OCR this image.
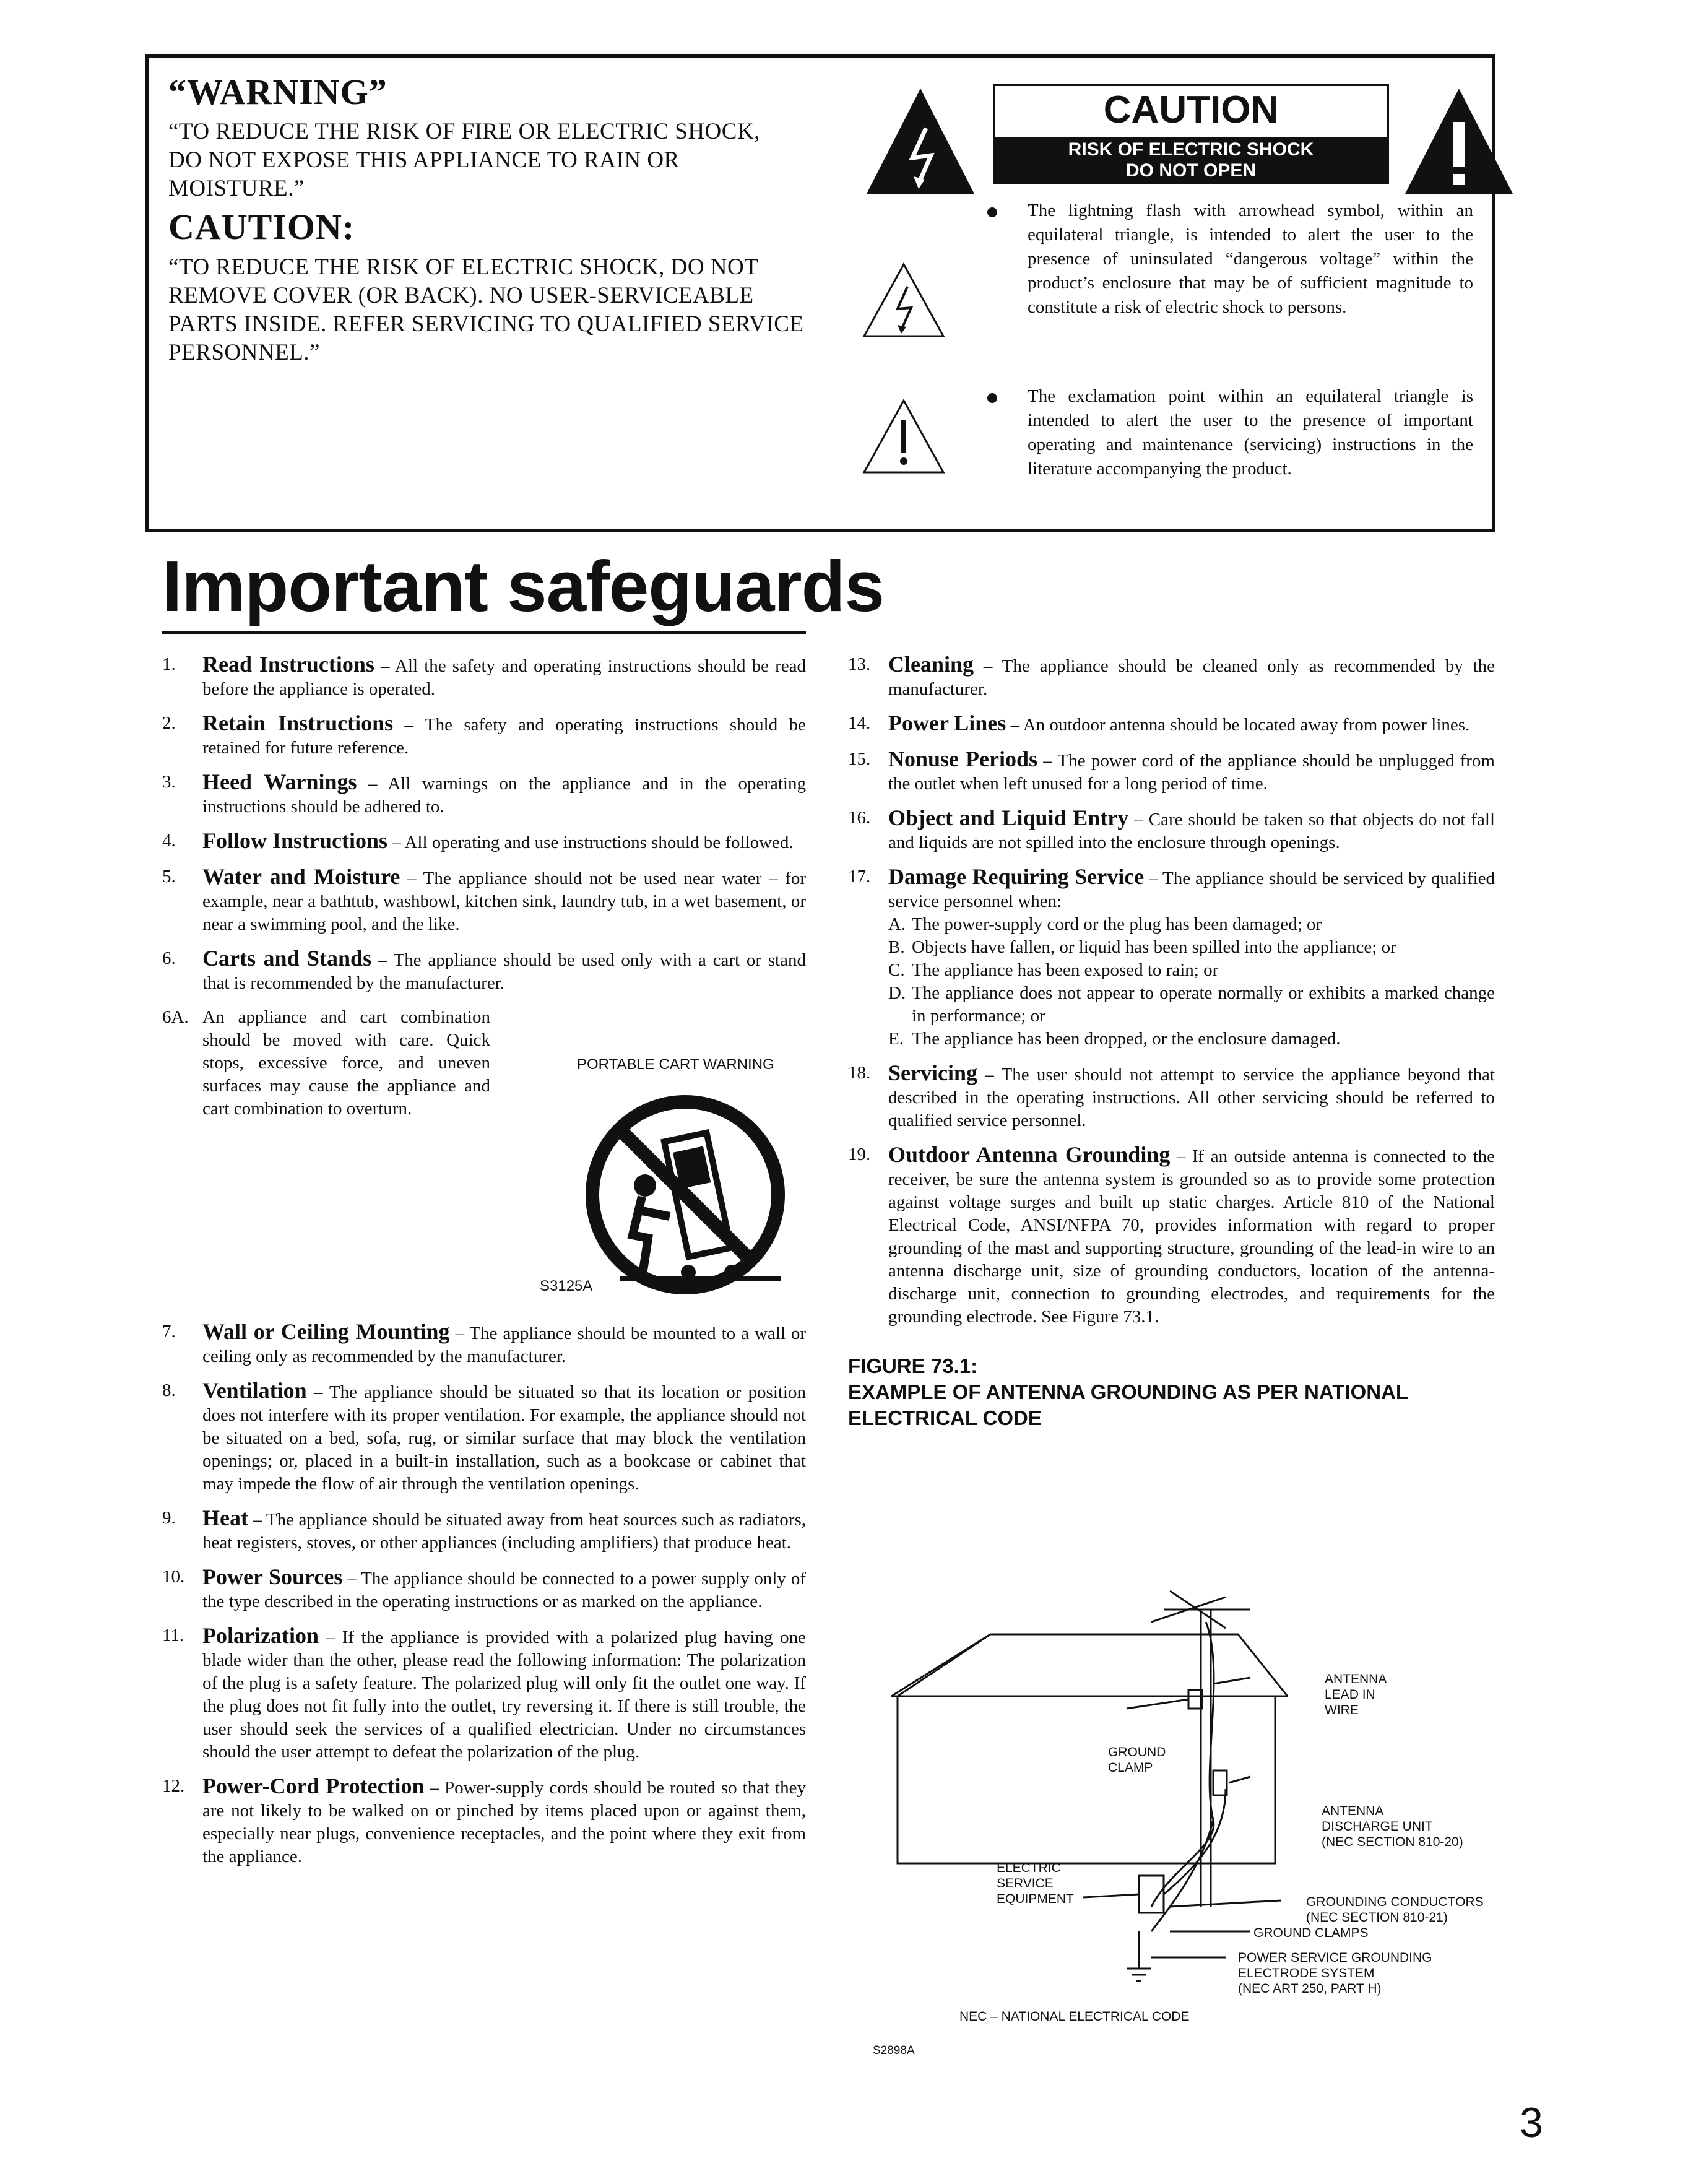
“WARNING”
“TO REDUCE THE RISK OF FIRE OR ELECTRIC SHOCK, DO NOT EXPOSE THIS APPLIANCE TO RAIN OR MOISTURE.”
CAUTION:
“TO REDUCE THE RISK OF ELECTRIC SHOCK, DO NOT REMOVE COVER (OR BACK). NO USER-SERVICEABLE PARTS INSIDE. REFER SERVICING TO QUALIFIED SERVICE PERSONNEL.”
CAUTION
RISK OF ELECTRIC SHOCK
DO NOT OPEN
The lightning flash with arrowhead symbol, within an equilateral triangle, is intended to alert the user to the presence of uninsulated “dangerous voltage” within the product’s enclosure that may be of sufficient magnitude to constitute a risk of electric shock to persons.
The exclamation point within an equilateral triangle is intended to alert the user to the presence of important operating and maintenance (servicing) instructions in the literature accompanying the product.
Important safeguards
1. Read Instructions – All the safety and operating instructions should be read before the appliance is operated.
2. Retain Instructions – The safety and operating instructions should be retained for future reference.
3. Heed Warnings – All warnings on the appliance and in the operating instructions should be adhered to.
4. Follow Instructions – All operating and use instructions should be followed.
5. Water and Moisture – The appliance should not be used near water – for example, near a bathtub, washbowl, kitchen sink, laundry tub, in a wet basement, or near a swimming pool, and the like.
6. Carts and Stands – The appliance should be used only with a cart or stand that is recommended by the manufacturer.
6A. An appliance and cart combination should be moved with care. Quick stops, excessive force, and uneven surfaces may cause the appliance and cart combination to overturn.
PORTABLE CART WARNING
S3125A
7. Wall or Ceiling Mounting – The appliance should be mounted to a wall or ceiling only as recommended by the manufacturer.
8. Ventilation – The appliance should be situated so that its location or position does not interfere with its proper ventilation. For example, the appliance should not be situated on a bed, sofa, rug, or similar surface that may block the ventilation openings; or, placed in a built-in installation, such as a bookcase or cabinet that may impede the flow of air through the ventilation openings.
9. Heat – The appliance should be situated away from heat sources such as radiators, heat registers, stoves, or other appliances (including amplifiers) that produce heat.
10. Power Sources – The appliance should be connected to a power supply only of the type described in the operating instructions or as marked on the appliance.
11. Polarization – If the appliance is provided with a polarized plug having one blade wider than the other, please read the following information: The polarization of the plug is a safety feature. The polarized plug will only fit the outlet one way. If the plug does not fit fully into the outlet, try reversing it. If there is still trouble, the user should seek the services of a qualified electrician. Under no circumstances should the user attempt to defeat the polarization of the plug.
12. Power-Cord Protection – Power-supply cords should be routed so that they are not likely to be walked on or pinched by items placed upon or against them, especially near plugs, convenience receptacles, and the point where they exit from the appliance.
13. Cleaning – The appliance should be cleaned only as recommended by the manufacturer.
14. Power Lines – An outdoor antenna should be located away from power lines.
15. Nonuse Periods – The power cord of the appliance should be unplugged from the outlet when left unused for a long period of time.
16. Object and Liquid Entry – Care should be taken so that objects do not fall and liquids are not spilled into the enclosure through openings.
17. Damage Requiring Service – The appliance should be serviced by qualified service personnel when:
A. The power-supply cord or the plug has been damaged; or
B. Objects have fallen, or liquid has been spilled into the appliance; or
C. The appliance has been exposed to rain; or
D. The appliance does not appear to operate normally or exhibits a marked change in performance; or
E. The appliance has been dropped, or the enclosure damaged.
18. Servicing – The user should not attempt to service the appliance beyond that described in the operating instructions. All other servicing should be referred to qualified service personnel.
19. Outdoor Antenna Grounding – If an outside antenna is connected to the receiver, be sure the antenna system is grounded so as to provide some protection against voltage surges and built up static charges. Article 810 of the National Electrical Code, ANSI/NFPA 70, provides information with regard to proper grounding of the mast and supporting structure, grounding of the lead-in wire to an antenna discharge unit, size of grounding conductors, location of the antenna-discharge unit, connection to grounding electrodes, and requirements for the grounding electrode. See Figure 73.1.
FIGURE 73.1:
EXAMPLE OF ANTENNA GROUNDING AS PER NATIONAL ELECTRICAL CODE
ANTENNA
LEAD IN
WIRE
GROUND
CLAMP
ANTENNA
DISCHARGE UNIT
(NEC SECTION 810-20)
ELECTRIC
SERVICE
EQUIPMENT	GROUNDING CONDUCTORS
(NEC SECTION 810-21)
GROUND CLAMPS
POWER SERVICE GROUNDING
ELECTRODE SYSTEM
(NEC ART 250, PART H)
NEC – NATIONAL ELECTRICAL CODE
S2898A
3
